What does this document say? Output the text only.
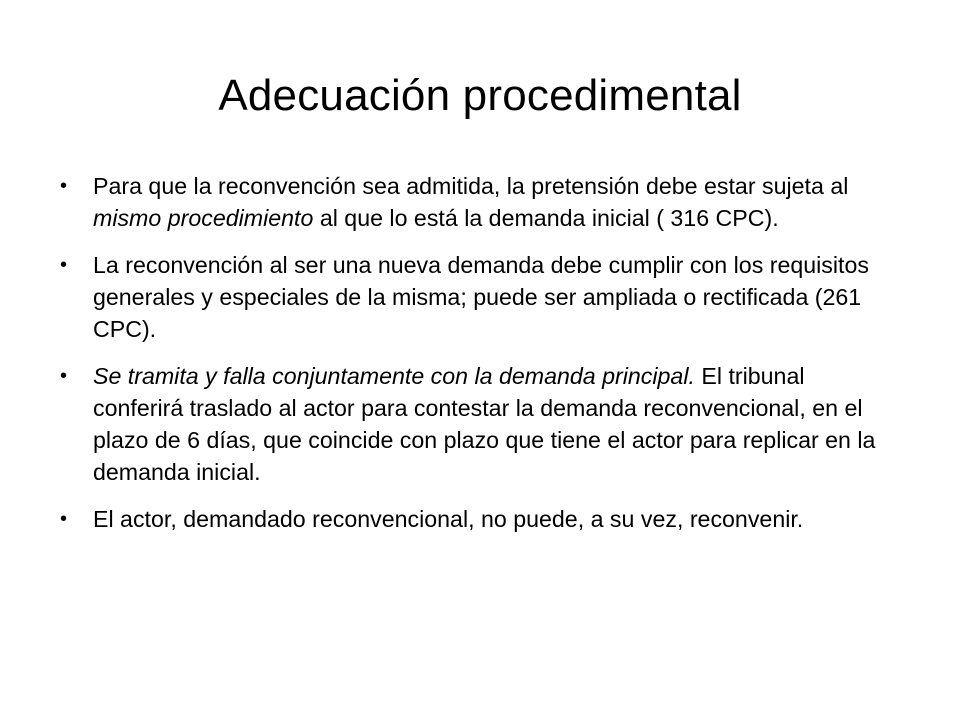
Adecuación procedimental
•	Para que la reconvención sea admitida, la pretensión debe estar sujeta al mismo procedimiento al que lo está la demanda inicial ( 316 CPC).
•	La reconvención al ser una nueva demanda debe cumplir con los requisitos generales y especiales de la misma; puede ser ampliada o rectificada (261 CPC).
•	Se tramita y falla conjuntamente con la demanda principal. El tribunal conferirá traslado al actor para contestar la demanda reconvencional, en el plazo de 6 días, que coincide con plazo que tiene el actor para replicar en la demanda inicial.
•	El actor, demandado reconvencional, no puede, a su vez, reconvenir.
